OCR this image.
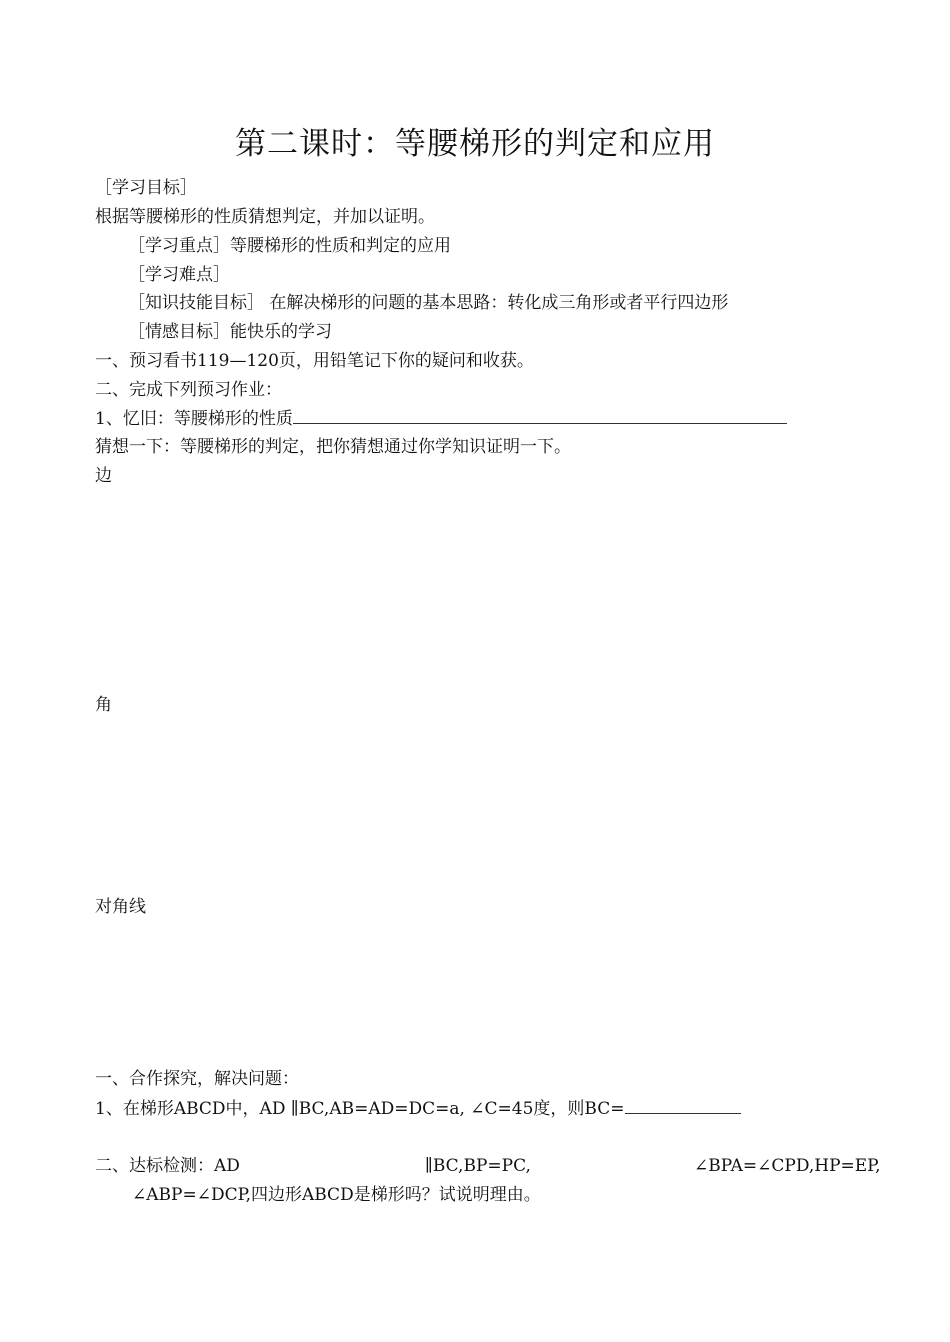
第二课时：等腰梯形的判定和应用
［学习目标］
根据等腰梯形的性质猜想判定，并加以证明。
［学习重点］等腰梯形的性质和判定的应用
［学习难点］
［知识技能目标］ 在解决梯形的问题的基本思路：转化成三角形或者平行四边形
［情感目标］能快乐的学习
一、预习看书119—120页，用铅笔记下你的疑问和收获。
二、完成下列预习作业：
1、忆旧：等腰梯形的性质
猜想一下：等腰梯形的判定，把你猜想通过你学知识证明一下。
边
角
对角线
一、合作探究，解决问题：
1、在梯形ABCD中，AD ∥BC,AB=AD=DC=a, ∠C=45度，则BC=
二、达标检测：AD	∥BC,BP=PC,	∠BPA=∠CPD,HP=EP,
∠ABP=∠DCP,四边形ABCD是梯形吗？试说明理由。
